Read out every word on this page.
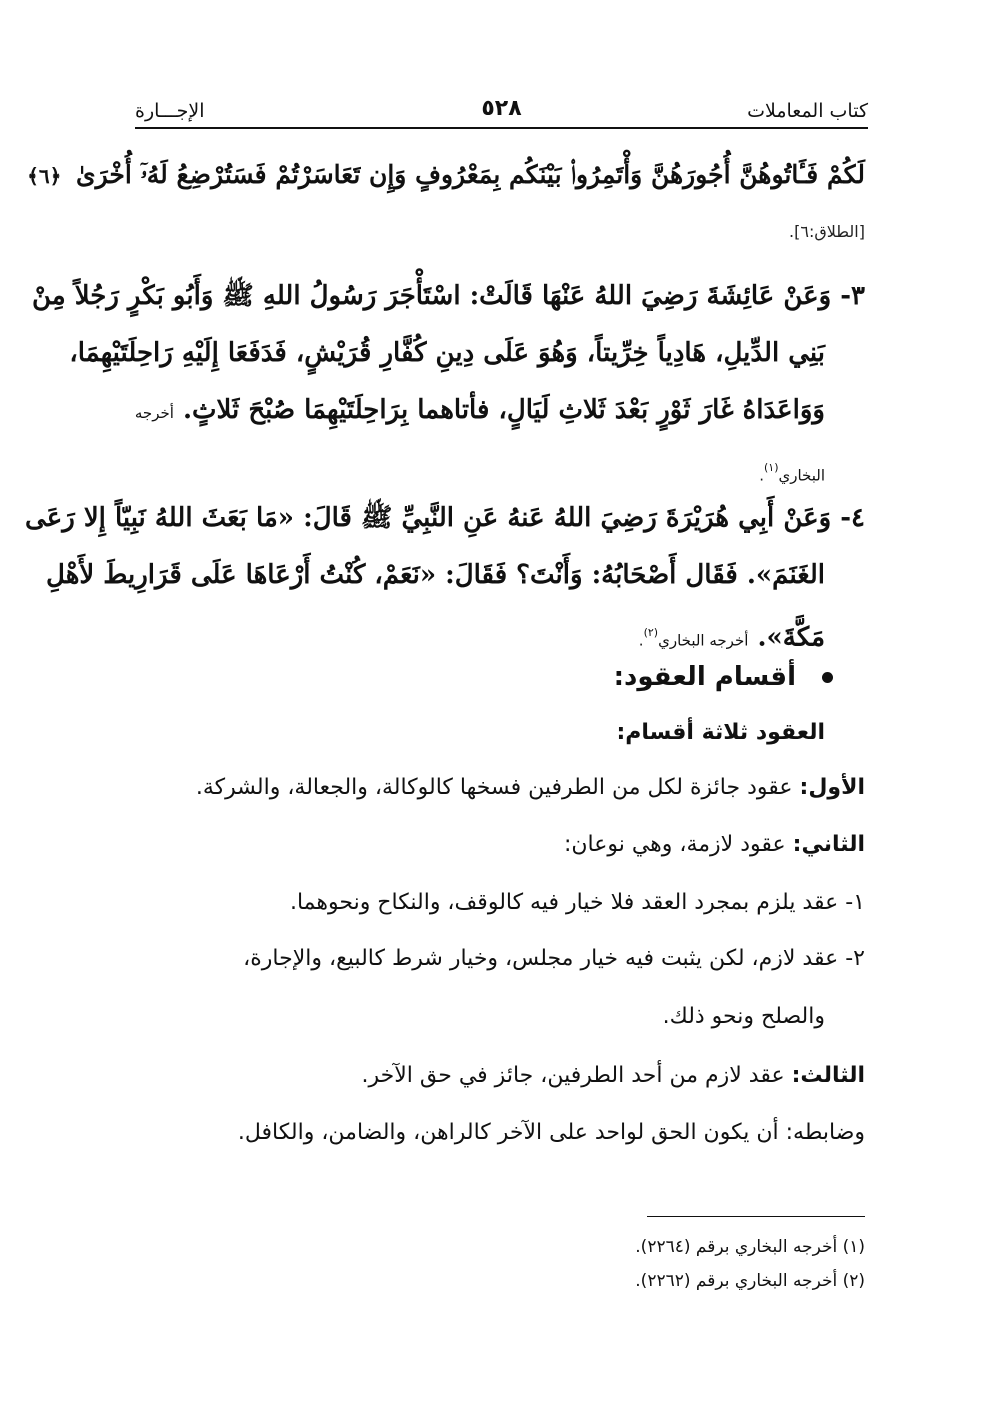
كتاب المعاملات
٥٢٨
الإجـــارة
لَكُمْ فَـَٔاتُوهُنَّ أُجُورَهُنَّ وَأْتَمِرُوا۟ بَيْنَكُم بِمَعْرُوفٍ وَإِن تَعَاسَرْتُمْ فَسَتُرْضِعُ لَهُۥٓ أُخْرَىٰ ﴿٦﴾
[الطلاق:٦].
٣- وَعَنْ عَائِشَةَ رَضِيَ اللهُ عَنْهَا قَالَتْ: اسْتَأْجَرَ رَسُولُ اللهِ ﷺ وَأَبُو بَكْرٍ رَجُلاً مِنْ
بَنِي الدِّيلِ، هَادِياً خِرِّيتاً، وَهُوَ عَلَى دِينِ كُفَّارِ قُرَيْشٍ، فَدَفَعَا إِلَيْهِ رَاحِلَتَيْهِمَا،
وَوَاعَدَاهُ غَارَ ثَوْرٍ بَعْدَ ثَلاثِ لَيَالٍ، فأتاهما بِرَاحِلَتَيْهِمَا صُبْحَ ثَلاثٍ. أخرجه
البخاري$^{(١)}$.
٤- وَعَنْ أَبِي هُرَيْرَةَ رَضِيَ اللهُ عَنهُ عَنِ النَّبِيِّ ﷺ قَالَ: «مَا بَعَثَ اللهُ نَبِيّاً إِلا رَعَى
الغَنَمَ». فَقَال أَصْحَابُهُ: وَأَنْتَ؟ فَقَالَ: «نَعَمْ، كُنْتُ أَرْعَاهَا عَلَى قَرَارِيطَ لأَهْلِ
مَكَّةَ». أخرجه البخاري$^{(٢)}$.
أقسام العقود:
العقود ثلاثة أقسام:
الأول: عقود جائزة لكل من الطرفين فسخها كالوكالة، والجعالة، والشركة.
الثاني: عقود لازمة، وهي نوعان:
١- عقد يلزم بمجرد العقد فلا خيار فيه كالوقف، والنكاح ونحوهما.
٢- عقد لازم، لكن يثبت فيه خيار مجلس، وخيار شرط كالبيع، والإجارة،
والصلح ونحو ذلك.
الثالث: عقد لازم من أحد الطرفين، جائز في حق الآخر.
وضابطه: أن يكون الحق لواحد على الآخر كالراهن، والضامن، والكافل.
(١) أخرجه البخاري برقم (٢٢٦٤).
(٢) أخرجه البخاري برقم (٢٢٦٢).
